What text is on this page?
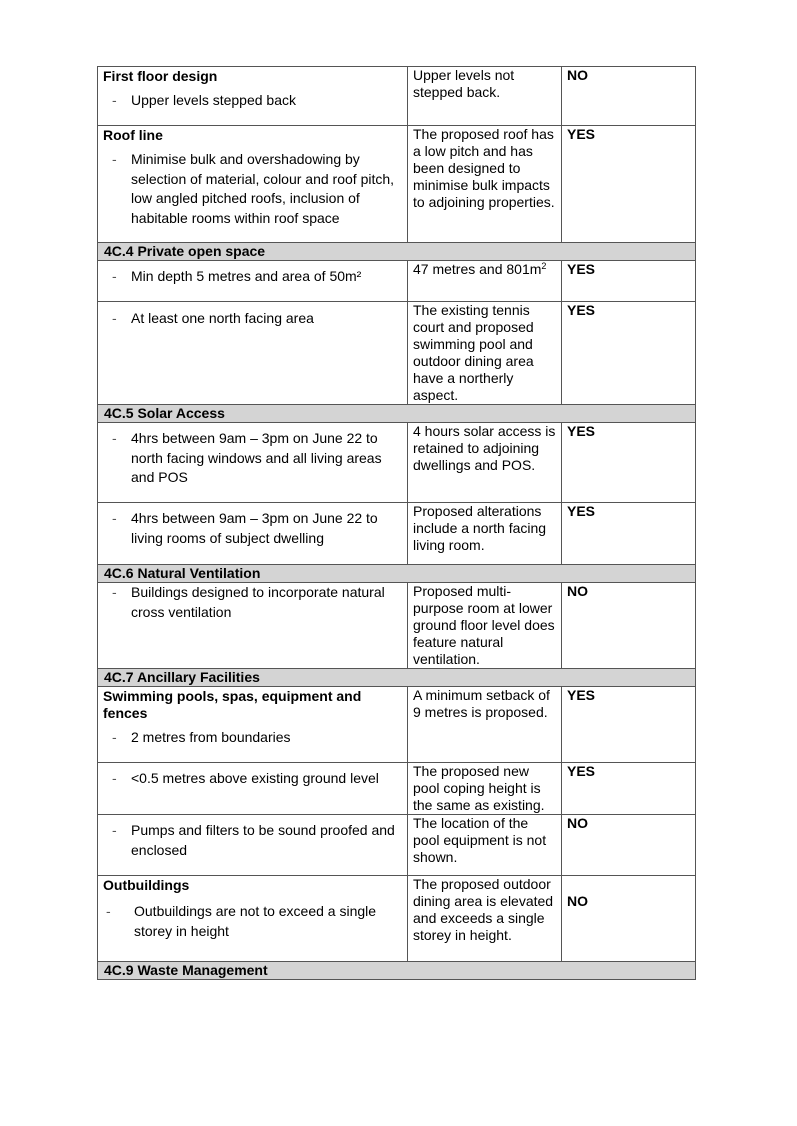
First floor design
- Upper levels stepped back	Upper levels not stepped back.	NO

Roof line
- Minimise bulk and overshadowing by selection of material, colour and roof pitch, low angled pitched roofs, inclusion of habitable rooms within roof space	The proposed roof has a low pitch and has been designed to minimise bulk impacts to adjoining properties.	YES
4C.4 Private open space		

- Min depth 5 metres and area of 50m²	47 metres and $801m^2$	YES

- At least one north facing area	The existing tennis court and proposed swimming pool and outdoor dining area have a northerly aspect.	YES
4C.5 Solar Access		

- 4hrs between 9am – 3pm on June 22 to north facing windows and all living areas and POS	4 hours solar access is retained to adjoining dwellings and POS.	YES

- 4hrs between 9am – 3pm on June 22 to living rooms of subject dwelling	Proposed alterations include a north facing living room.	YES
4C.6 Natural Ventilation		

- Buildings designed to incorporate natural cross ventilation	Proposed multi-purpose room at lower ground floor level does feature natural ventilation.	NO
4C.7 Ancillary Facilities		

Swimming pools, spas, equipment and fences
- 2 metres from boundaries	A minimum setback of 9 metres is proposed.	YES

- <0.5 metres above existing ground level	The proposed new pool coping height is the same as existing.	YES

- Pumps and filters to be sound proofed and enclosed	The location of the pool equipment is not shown.	NO

Outbuildings
- Outbuildings are not to exceed a single storey in height	The proposed outdoor dining area is elevated and exceeds a single storey in height.	NO
4C.9 Waste Management		
